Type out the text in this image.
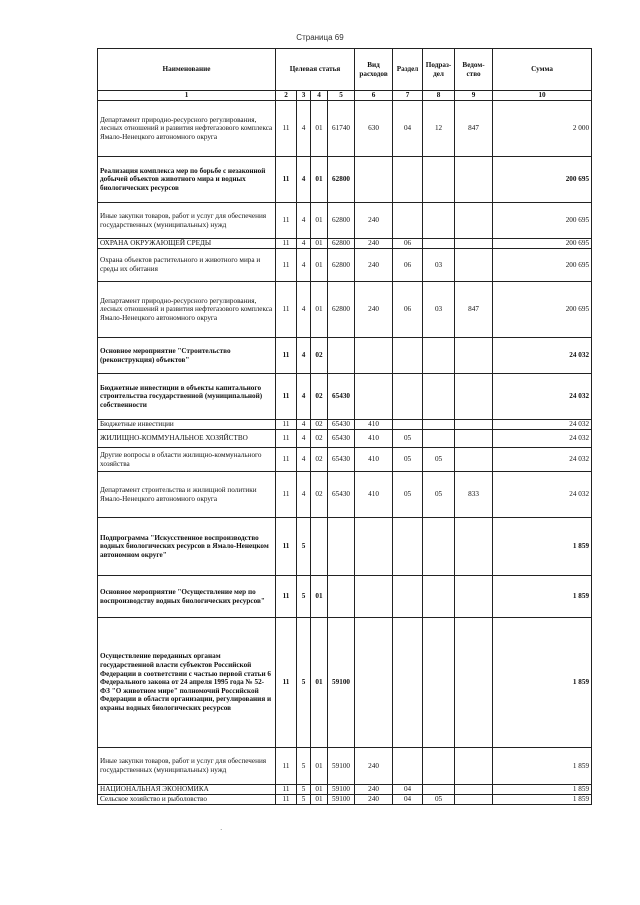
Страница 69
Наименование	Целевая статья				Вид расходов	Раздел	Подраз-дел	Ведом-ство	Сумма
1	2	3	4	5	6	7	8	9	10
Департамент природно-ресурсного регулирования, лесных отношений и развития нефтегазового комплекса Ямало-Ненецкого автономного округа	11	4	01	61740	630	04	12	847	2 000
Реализация комплекса мер по борьбе с незаконной добычей объектов животного мира и водных биологических ресурсов	11	4	01	62800					200 695
Иные закупки товаров, работ и услуг для обеспечения государственных (муниципальных) нужд	11	4	01	62800	240				200 695
ОХРАНА ОКРУЖАЮЩЕЙ СРЕДЫ	11	4	01	62800	240	06			200 695
Охрана объектов растительного и животного мира и среды их обитания	11	4	01	62800	240	06	03		200 695
Департамент природно-ресурсного регулирования, лесных отношений и развития нефтегазового комплекса Ямало-Ненецкого автономного округа	11	4	01	62800	240	06	03	847	200 695
Основное мероприятие "Строительство (реконструкция) объектов"	11	4	02						24 032
Бюджетные инвестиции в объекты капитального строительства государственной (муниципальной) собственности	11	4	02	65430					24 032
Бюджетные инвестиции	11	4	02	65430	410				24 032
ЖИЛИЩНО-КОММУНАЛЬНОЕ ХОЗЯЙСТВО	11	4	02	65430	410	05			24 032
Другие вопросы в области жилищно-коммунального хозяйства	11	4	02	65430	410	05	05		24 032
Департамент строительства и жилищной политики Ямало-Ненецкого автономного округа	11	4	02	65430	410	05	05	833	24 032
Подпрограмма "Искусственное воспроизводство водных биологических ресурсов в Ямало-Ненецком автономном округе"	11	5							1 859
Основное мероприятие "Осуществление мер по воспроизводству водных биологических ресурсов"	11	5	01						1 859
Осуществление переданных органам государственной власти субъектов Российской Федерации в соответствии с частью первой статьи 6 Федерального закона от 24 апреля 1995 года № 52-ФЗ "О животном мире" полномочий Российской Федерации в области организации, регулирования и охраны водных биологических ресурсов	11	5	01	59100					1 859
Иные закупки товаров, работ и услуг для обеспечения государственных (муниципальных) нужд	11	5	01	59100	240				1 859
НАЦИОНАЛЬНАЯ ЭКОНОМИКА	11	5	01	59100	240	04			1 859
Сельское хозяйство и рыболовство	11	5	01	59100	240	04	05		1 859
·
